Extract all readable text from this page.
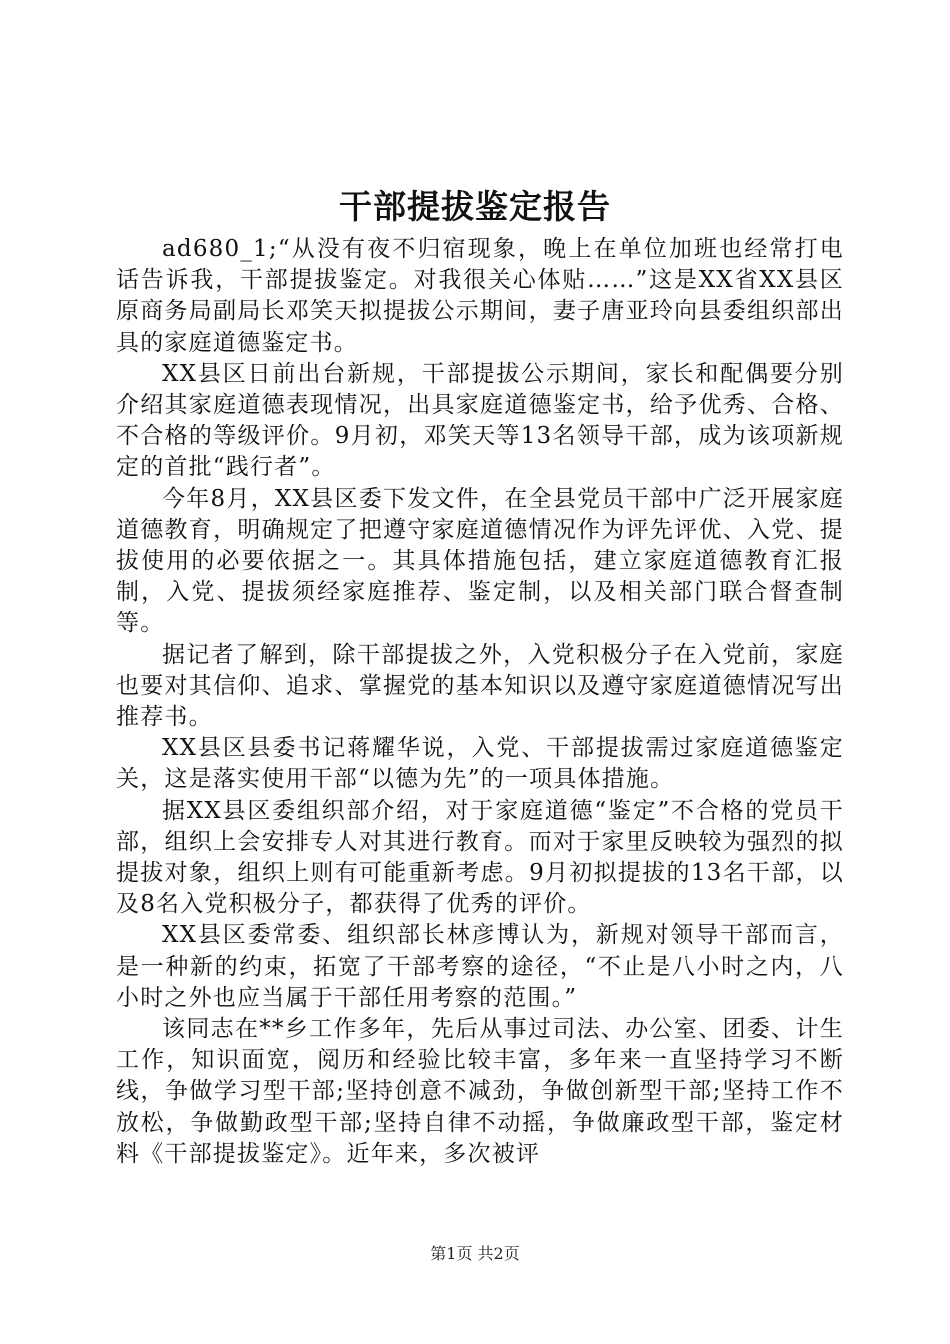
干部提拔鉴定报告

ad680_1;“从没有夜不归宿现象，晚上在单位加班也经常打电话告诉我，干部提拔鉴定。对我很关心体贴……”这是XX省XX县区原商务局副局长邓笑天拟提拔公示期间，妻子唐亚玲向县委组织部出具的家庭道德鉴定书。

XX县区日前出台新规，干部提拔公示期间，家长和配偶要分别介绍其家庭道德表现情况，出具家庭道德鉴定书，给予优秀、合格、不合格的等级评价。9月初，邓笑天等13名领导干部，成为该项新规定的首批“践行者”。

今年8月，XX县区委下发文件，在全县党员干部中广泛开展家庭道德教育，明确规定了把遵守家庭道德情况作为评先评优、入党、提拔使用的必要依据之一。其具体措施包括，建立家庭道德教育汇报制，入党、提拔须经家庭推荐、鉴定制，以及相关部门联合督查制等。

据记者了解到，除干部提拔之外，入党积极分子在入党前，家庭也要对其信仰、追求、掌握党的基本知识以及遵守家庭道德情况写出推荐书。

XX县区县委书记蒋耀华说，入党、干部提拔需过家庭道德鉴定关，这是落实使用干部“以德为先”的一项具体措施。

据XX县区委组织部介绍，对于家庭道德“鉴定”不合格的党员干部，组织上会安排专人对其进行教育。而对于家里反映较为强烈的拟提拔对象，组织上则有可能重新考虑。9月初拟提拔的13名干部，以及8名入党积极分子，都获得了优秀的评价。

XX县区委常委、组织部长林彦博认为，新规对领导干部而言，是一种新的约束，拓宽了干部考察的途径，“不止是八小时之内，八小时之外也应当属于干部任用考察的范围。”

该同志在**乡工作多年，先后从事过司法、办公室、团委、计生工作，知识面宽，阅历和经验比较丰富，多年来一直坚持学习不断线，争做学习型干部;坚持创意不减劲，争做创新型干部;坚持工作不放松，争做勤政型干部;坚持自律不动摇，争做廉政型干部，鉴定材料《干部提拔鉴定》。近年来，多次被评

第1页 共2页
